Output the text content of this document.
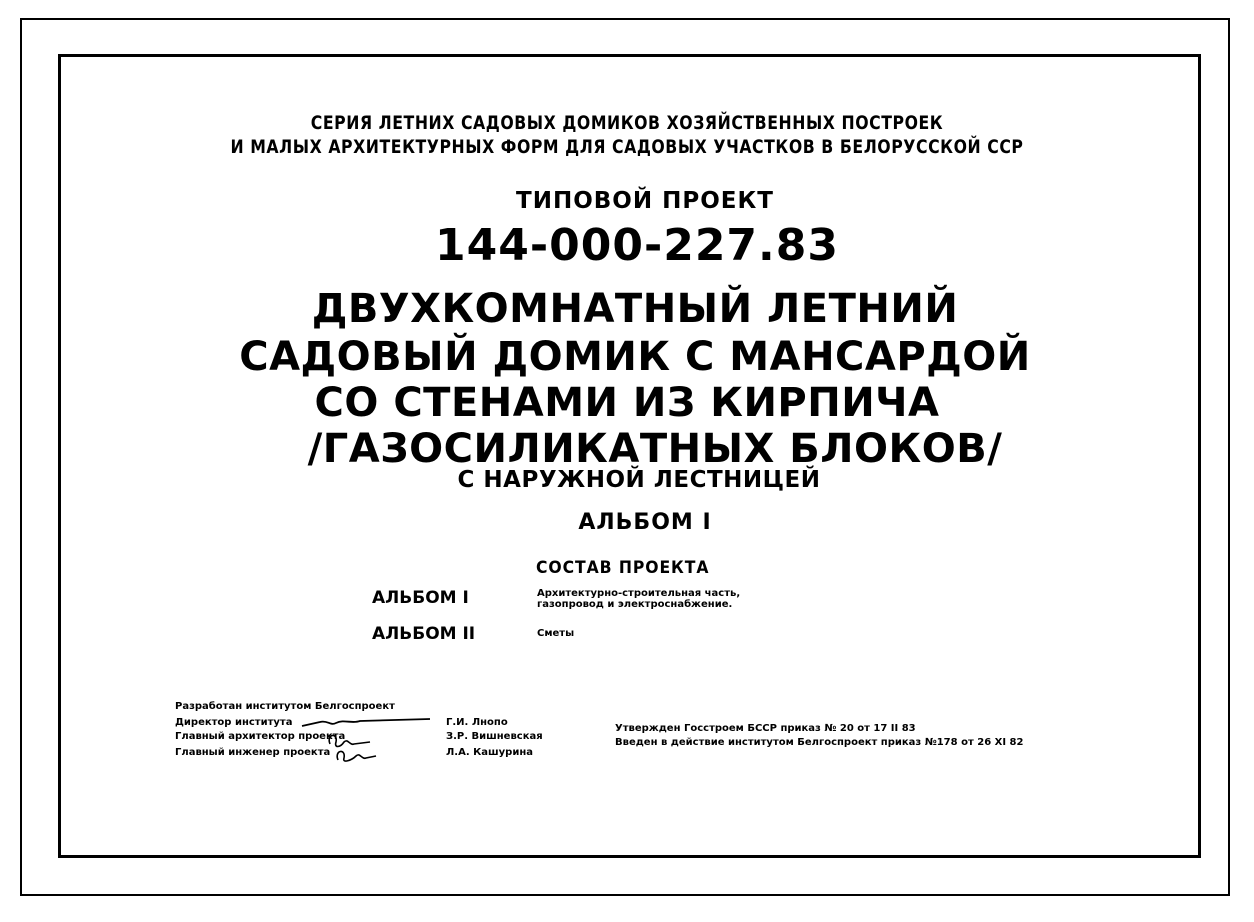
СЕРИЯ ЛЕТНИХ САДОВЫХ ДОМИКОВ ХОЗЯЙСТВЕННЫХ ПОСТРОЕК
И МАЛЫХ АРХИТЕКТУРНЫХ ФОРМ ДЛЯ САДОВЫХ УЧАСТКОВ В БЕЛОРУССКОЙ ССР
ТИПОВОЙ ПРОЕКТ
144-000-227.83
ДВУХКОМНАТНЫЙ ЛЕТНИЙ
САДОВЫЙ ДОМИК С МАНСАРДОЙ
СО СТЕНАМИ ИЗ КИРПИЧА
/ГАЗОСИЛИКАТНЫХ БЛОКОВ/
С НАРУЖНОЙ ЛЕСТНИЦЕЙ
АЛЬБОМ I
СОСТАВ ПРОЕКТА
АЛЬБОМ I	Архитектурно-строительная часть,
газопровод и электроснабжение.
АЛЬБОМ II	Сметы
Разработан институтом Белгоспроект
Директор института
Главный архитектор проекта
Главный инженер проекта
Г.И. Лнопо
З.Р. Вишневская
Л.А. Кашурина
Утвержден Госстроем БССР приказ № 20 от 17 II 83
Введен в действие институтом Белгоспроект приказ №178 от 26 XI 82
